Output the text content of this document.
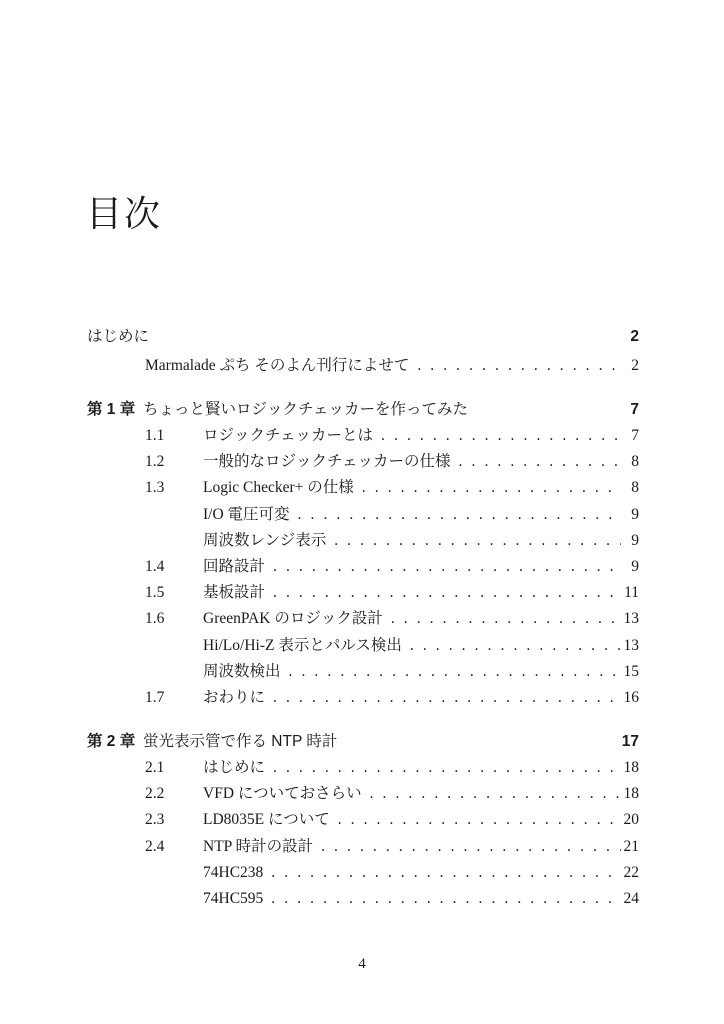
目次
はじめに	2
Marmalade ぷち そのよん刊行によせて . . .	2
第 1 章 ちょっと賢いロジックチェッカーを作ってみた	7
1.1	ロジックチェッカーとは . . .	7
1.2	一般的なロジックチェッカーの仕様 . . .	8
1.3	Logic Checker+ の仕様 . . .	8
I/O 電圧可変 . . .	9
周波数レンジ表示 . . .	9
1.4	回路設計 . . .	9
1.5	基板設計 . . .	11
1.6	GreenPAK のロジック設計 . . .	13
Hi/Lo/Hi-Z 表示とパルス検出 . . .	13
周波数検出 . . .	15
1.7	おわりに . . .	16
第 2 章 蛍光表示管で作る NTP 時計	17
2.1	はじめに . . .	18
2.2	VFD についておさらい . . .	18
2.3	LD8035E について . . .	20
2.4	NTP 時計の設計 . . .	21
74HC238 . . .	22
74HC595 . . .	24
4
